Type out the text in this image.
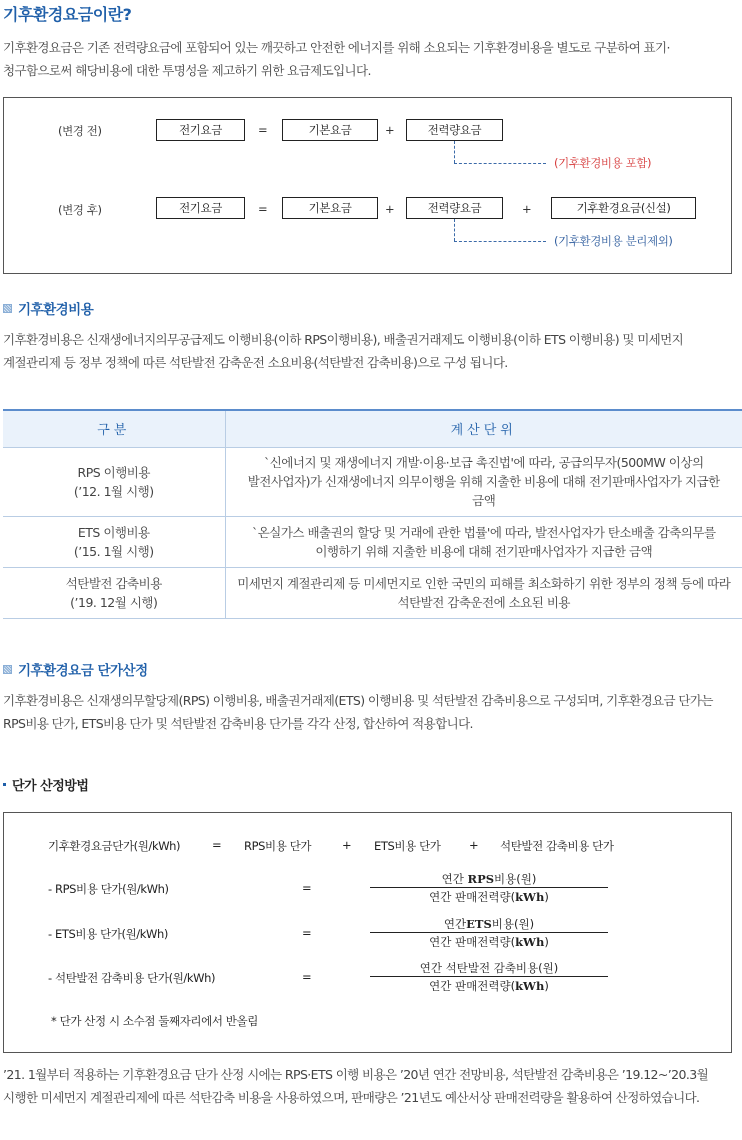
기후환경요금이란?

기후환경요금은 기존 전력량요금에 포함되어 있는 깨끗하고 안전한 에너지를 위해 소요되는 기후환경비용을 별도로 구분하여 표기·청구함으로써 해당비용에 대한 투명성을 제고하기 위한 요금제도입니다.

(변경 전)	전기요금	=	기본요금	+	전력량요금
(기후환경비용 포함)
(변경 후)	전기요금	=	기본요금	+	전력량요금	+	기후환경요금(신설)
(기후환경비용 분리제외)
기후환경비용

기후환경비용은 신재생에너지의무공급제도 이행비용(이하 RPS이행비용), 배출권거래제도 이행비용(이하 ETS 이행비용) 및 미세먼지 계절관리제 등 정부 정책에 따른 석탄발전 감축운전 소요비용(석탄발전 감축비용)으로 구성 됩니다.

구분	계산단위

RPS 이행비용
(’12. 1월 시행)	`신에너지 및 재생에너지 개발·이용·보급 촉진법'에 따라, 공급의무자(500MW 이상의 발전사업자)가 신재생에너지 의무이행을 위해 지출한 비용에 대해 전기판매사업자가 지급한 금액

ETS 이행비용
(’15. 1월 시행)	`온실가스 배출권의 할당 및 거래에 관한 법률'에 따라, 발전사업자가 탄소배출 감축의무를 이행하기 위해 지출한 비용에 대해 전기판매사업자가 지급한 금액

석탄발전 감축비용
(’19. 12월 시행)	미세먼지 계절관리제 등 미세먼지로 인한 국민의 피해를 최소화하기 위한 정부의 정책 등에 따라 석탄발전 감축운전에 소요된 비용
기후환경요금 단가산정

기후환경비용은 신재생의무할당제(RPS) 이행비용, 배출권거래제(ETS) 이행비용 및 석탄발전 감축비용으로 구성되며, 기후환경요금 단가는 RPS비용 단가, ETS비용 단가 및 석탄발전 감축비용 단가를 각각 산정, 합산하여 적용합니다.

단가 산정방법
기후환경요금단가(원/kWh)	= RPS비용 단가	+ ETS비용 단가 + 석탄발전 감축비용 단가
- RPS비용 단가(원/kWh)	=
연간 RPS비용(원)
연간 판매전력량(kWh)
- ETS비용 단가(원/kWh)	=
연간ETS비용(원)
연간 판매전력량(kWh)
- 석탄발전 감축비용 단가(원/kWh)	=
연간 석탄발전 감축비용(원)
연간 판매전력량(kWh)
* 단가 산정 시 소수점 둘째자리에서 반올림

’21. 1월부터 적용하는 기후환경요금 단가 산정 시에는 RPS·ETS 이행 비용은 ’20년 연간 전망비용, 석탄발전 감축비용은 ’19.12~’20.3월 시행한 미세먼지 계절관리제에 따른 석탄감축 비용을 사용하였으며, 판매량은 ’21년도 예산서상 판매전력량을 활용하여 산정하였습니다.
